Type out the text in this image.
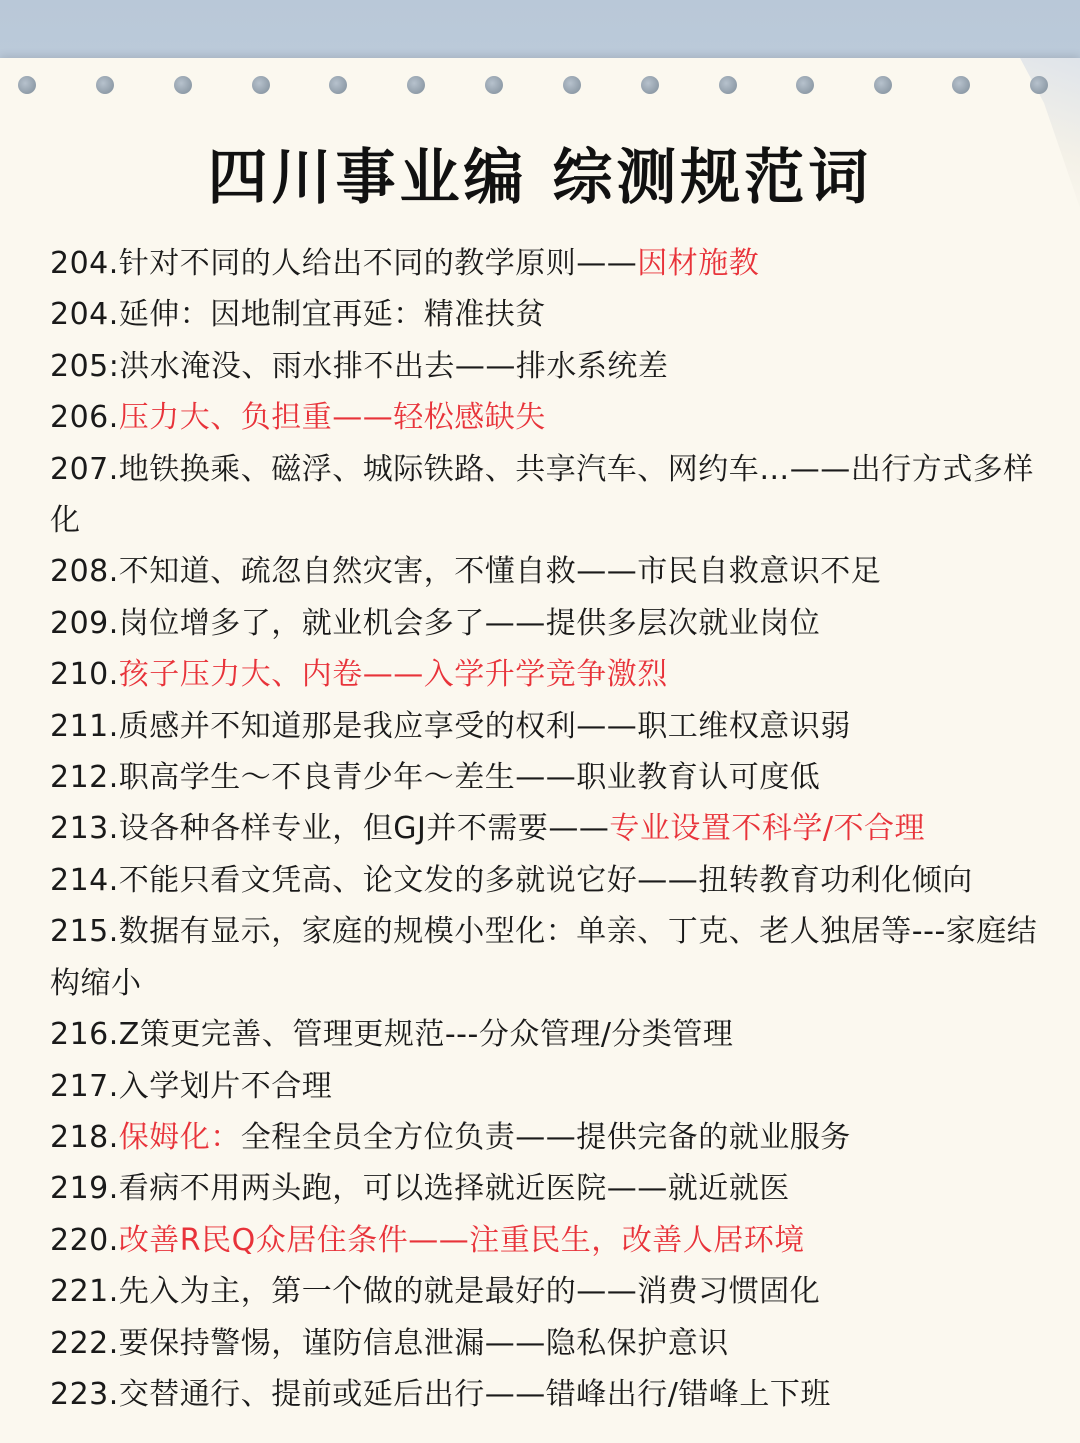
四川事业编 综测规范词
204.针对不同的人给出不同的教学原则——因材施教
204.延伸：因地制宜再延：精准扶贫
205:洪水淹没、雨水排不出去——排水系统差
206.压力大、负担重——轻松感缺失
207.地铁换乘、磁浮、城际铁路、共享汽车、网约车…——出行方式多样化
208.不知道、疏忽自然灾害，不懂自救——市民自救意识不足
209.岗位增多了，就业机会多了——提供多层次就业岗位
210.孩子压力大、内卷——入学升学竞争激烈
211.质感并不知道那是我应享受的权利——职工维权意识弱
212.职高学生～不良青少年～差生——职业教育认可度低
213.设各种各样专业，但GJ并不需要——专业设置不科学/不合理
214.不能只看文凭高、论文发的多就说它好——扭转教育功利化倾向
215.数据有显示，家庭的规模小型化：单亲、丁克、老人独居等---家庭结构缩小
216.Z策更完善、管理更规范---分众管理/分类管理
217.入学划片不合理
218.保姆化：全程全员全方位负责——提供完备的就业服务
219.看病不用两头跑，可以选择就近医院——就近就医
220.改善R民Q众居住条件——注重民生，改善人居环境
221.先入为主，第一个做的就是最好的——消费习惯固化
222.要保持警惕，谨防信息泄漏——隐私保护意识
223.交替通行、提前或延后出行——错峰出行/错峰上下班
